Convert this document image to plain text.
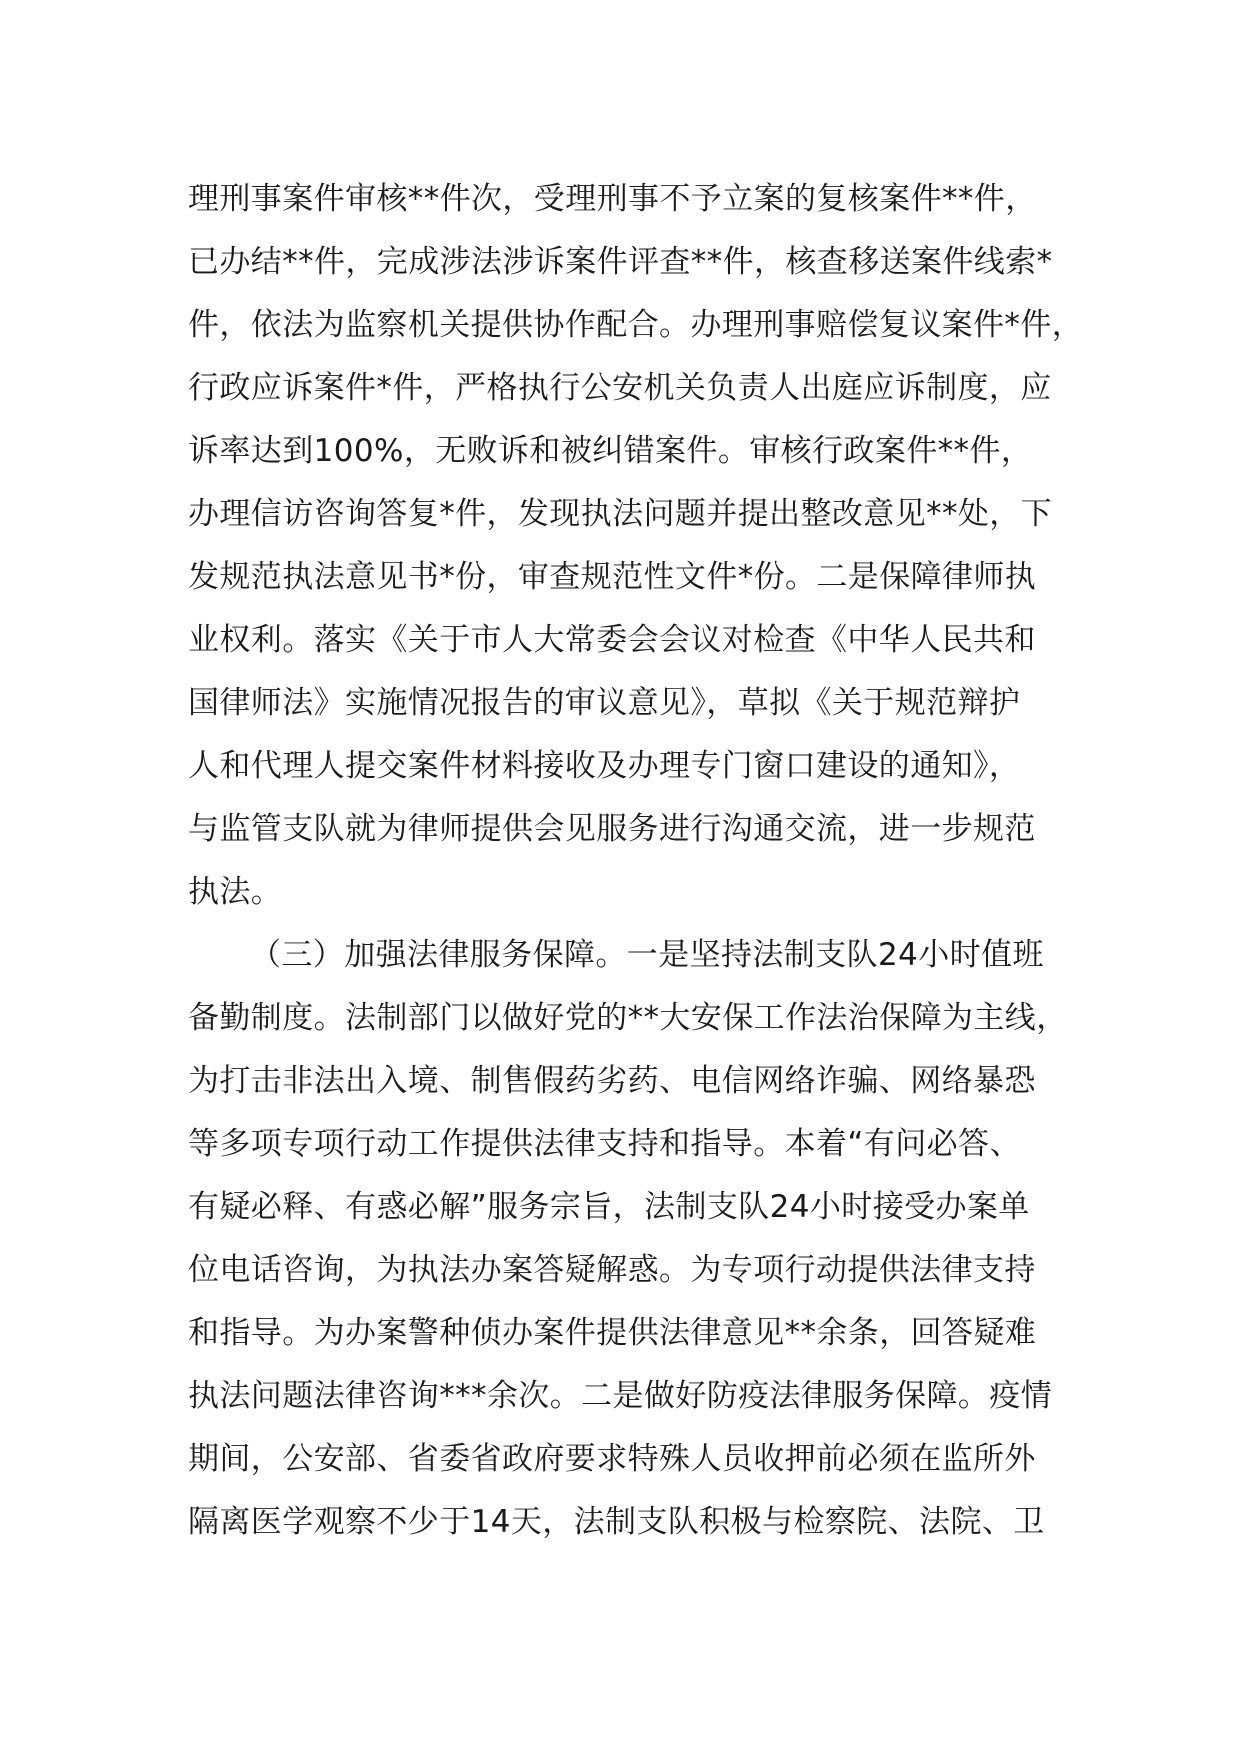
理刑事案件审核**件次，受理刑事不予立案的复核案件**件，
已办结**件，完成涉法涉诉案件评查**件，核查移送案件线索*
件，依法为监察机关提供协作配合。办理刑事赔偿复议案件*件，
行政应诉案件*件，严格执行公安机关负责人出庭应诉制度，应
诉率达到100%，无败诉和被纠错案件。审核行政案件**件，
办理信访咨询答复*件，发现执法问题并提出整改意见**处，下
发规范执法意见书*份，审查规范性文件*份。二是保障律师执
业权利。落实《关于市人大常委会会议对检查《中华人民共和
国律师法》实施情况报告的审议意见》，草拟《关于规范辩护
人和代理人提交案件材料接收及办理专门窗口建设的通知》，
与监管支队就为律师提供会见服务进行沟通交流，进一步规范
执法。
（三）加强法律服务保障。一是坚持法制支队24小时值班
备勤制度。法制部门以做好党的**大安保工作法治保障为主线，
为打击非法出入境、制售假药劣药、电信网络诈骗、网络暴恐
等多项专项行动工作提供法律支持和指导。本着“有问必答、
有疑必释、有惑必解”服务宗旨，法制支队24小时接受办案单
位电话咨询，为执法办案答疑解惑。为专项行动提供法律支持
和指导。为办案警种侦办案件提供法律意见**余条，回答疑难
执法问题法律咨询***余次。二是做好防疫法律服务保障。疫情
期间，公安部、省委省政府要求特殊人员收押前必须在监所外
隔离医学观察不少于14天，法制支队积极与检察院、法院、卫
